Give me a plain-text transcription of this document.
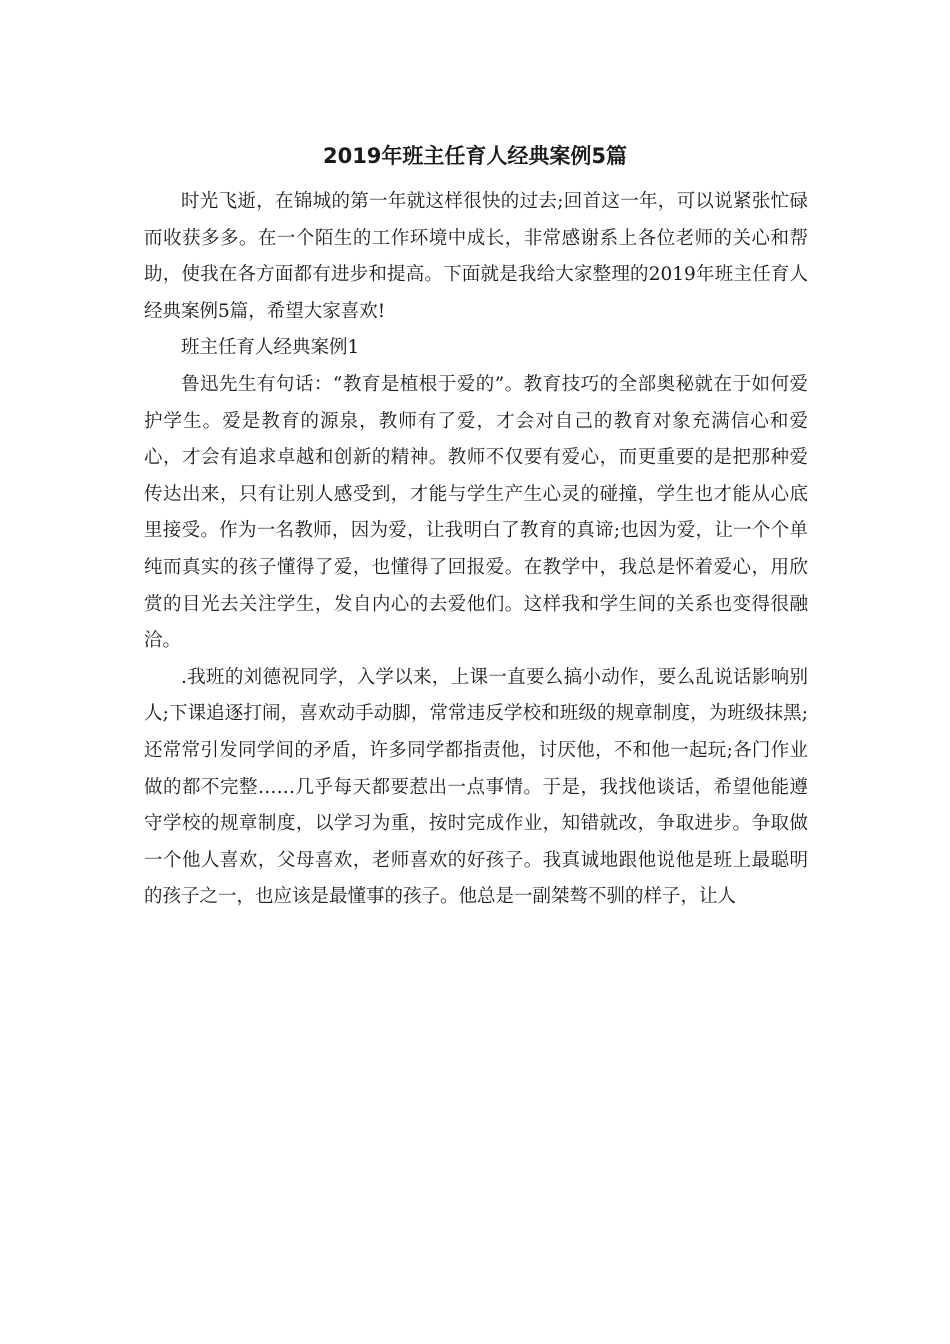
2019年班主任育人经典案例5篇

时光飞逝，在锦城的第一年就这样很快的过去;回首这一年，可以说紧张忙碌而收获多多。在一个陌生的工作环境中成长，非常感谢系上各位老师的关心和帮助，使我在各方面都有进步和提高。下面就是我给大家整理的2019年班主任育人经典案例5篇，希望大家喜欢!

班主任育人经典案例1

鲁迅先生有句话：“教育是植根于爱的”。教育技巧的全部奥秘就在于如何爱护学生。爱是教育的源泉，教师有了爱，才会对自己的教育对象充满信心和爱心，才会有追求卓越和创新的精神。教师不仅要有爱心，而更重要的是把那种爱传达出来，只有让别人感受到，才能与学生产生心灵的碰撞，学生也才能从心底里接受。作为一名教师，因为爱，让我明白了教育的真谛;也因为爱，让一个个单纯而真实的孩子懂得了爱，也懂得了回报爱。在教学中，我总是怀着爱心，用欣赏的目光去关注学生，发自内心的去爱他们。这样我和学生间的关系也变得很融洽。

.我班的刘德祝同学，入学以来，上课一直要么搞小动作，要么乱说话影响别人;下课追逐打闹，喜欢动手动脚，常常违反学校和班级的规章制度，为班级抹黑;还常常引发同学间的矛盾，许多同学都指责他，讨厌他，不和他一起玩;各门作业做的都不完整……几乎每天都要惹出一点事情。于是，我找他谈话，希望他能遵守学校的规章制度，以学习为重，按时完成作业，知错就改，争取进步。争取做一个他人喜欢，父母喜欢，老师喜欢的好孩子。我真诚地跟他说他是班上最聪明的孩子之一，也应该是最懂事的孩子。他总是一副桀骜不驯的样子，让人
